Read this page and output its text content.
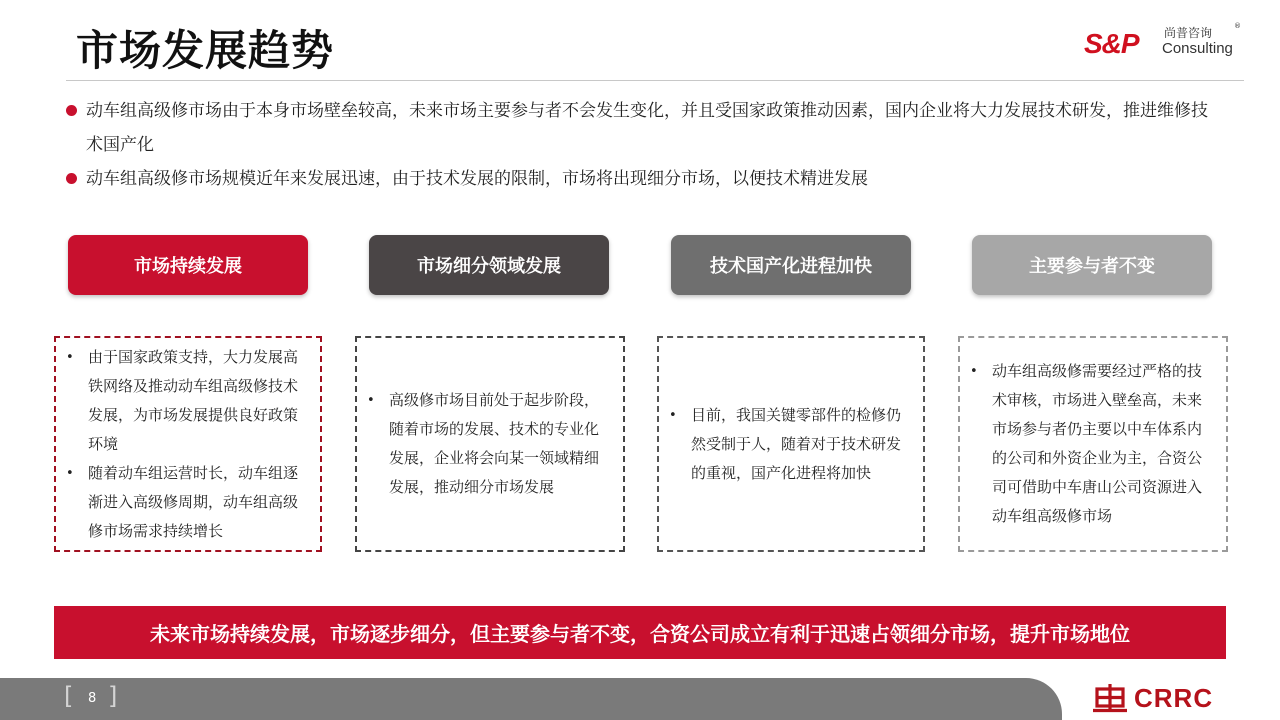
市场发展趋势	S&P 尚普咨询	®
Consulting
动车组高级修市场由于本身市场壁垒较高，未来市场主要参与者不会发生变化，并且受国家政策推动因素，国内企业将大力发展技术研发，推进维修技术国产化
动车组高级修市场规模近年来发展迅速，由于技术发展的限制，市场将出现细分市场，以便技术精进发展
市场持续发展	市场细分领域发展	技术国产化进程加快	主要参与者不变
• 由于国家政策支持，大力发展高铁网络及推动动车组高级修技术发展，为市场发展提供良好政策环境
• 随着动车组运营时长，动车组逐渐进入高级修周期，动车组高级修市场需求持续增长
• 高级修市场目前处于起步阶段，随着市场的发展、技术的专业化发展，企业将会向某一领域精细发展，推动细分市场发展
• 目前，我国关键零部件的检修仍然受制于人，随着对于技术研发的重视，国产化进程将加快
• 动车组高级修需要经过严格的技术审核，市场进入壁垒高，未来市场参与者仍主要以中车体系内的公司和外资企业为主，合资公司可借助中车唐山公司资源进入动车组高级修市场
未来市场持续发展，市场逐步细分，但主要参与者不变，合资公司成立有利于迅速占领细分市场，提升市场地位
[ 8 ]	CRRC
